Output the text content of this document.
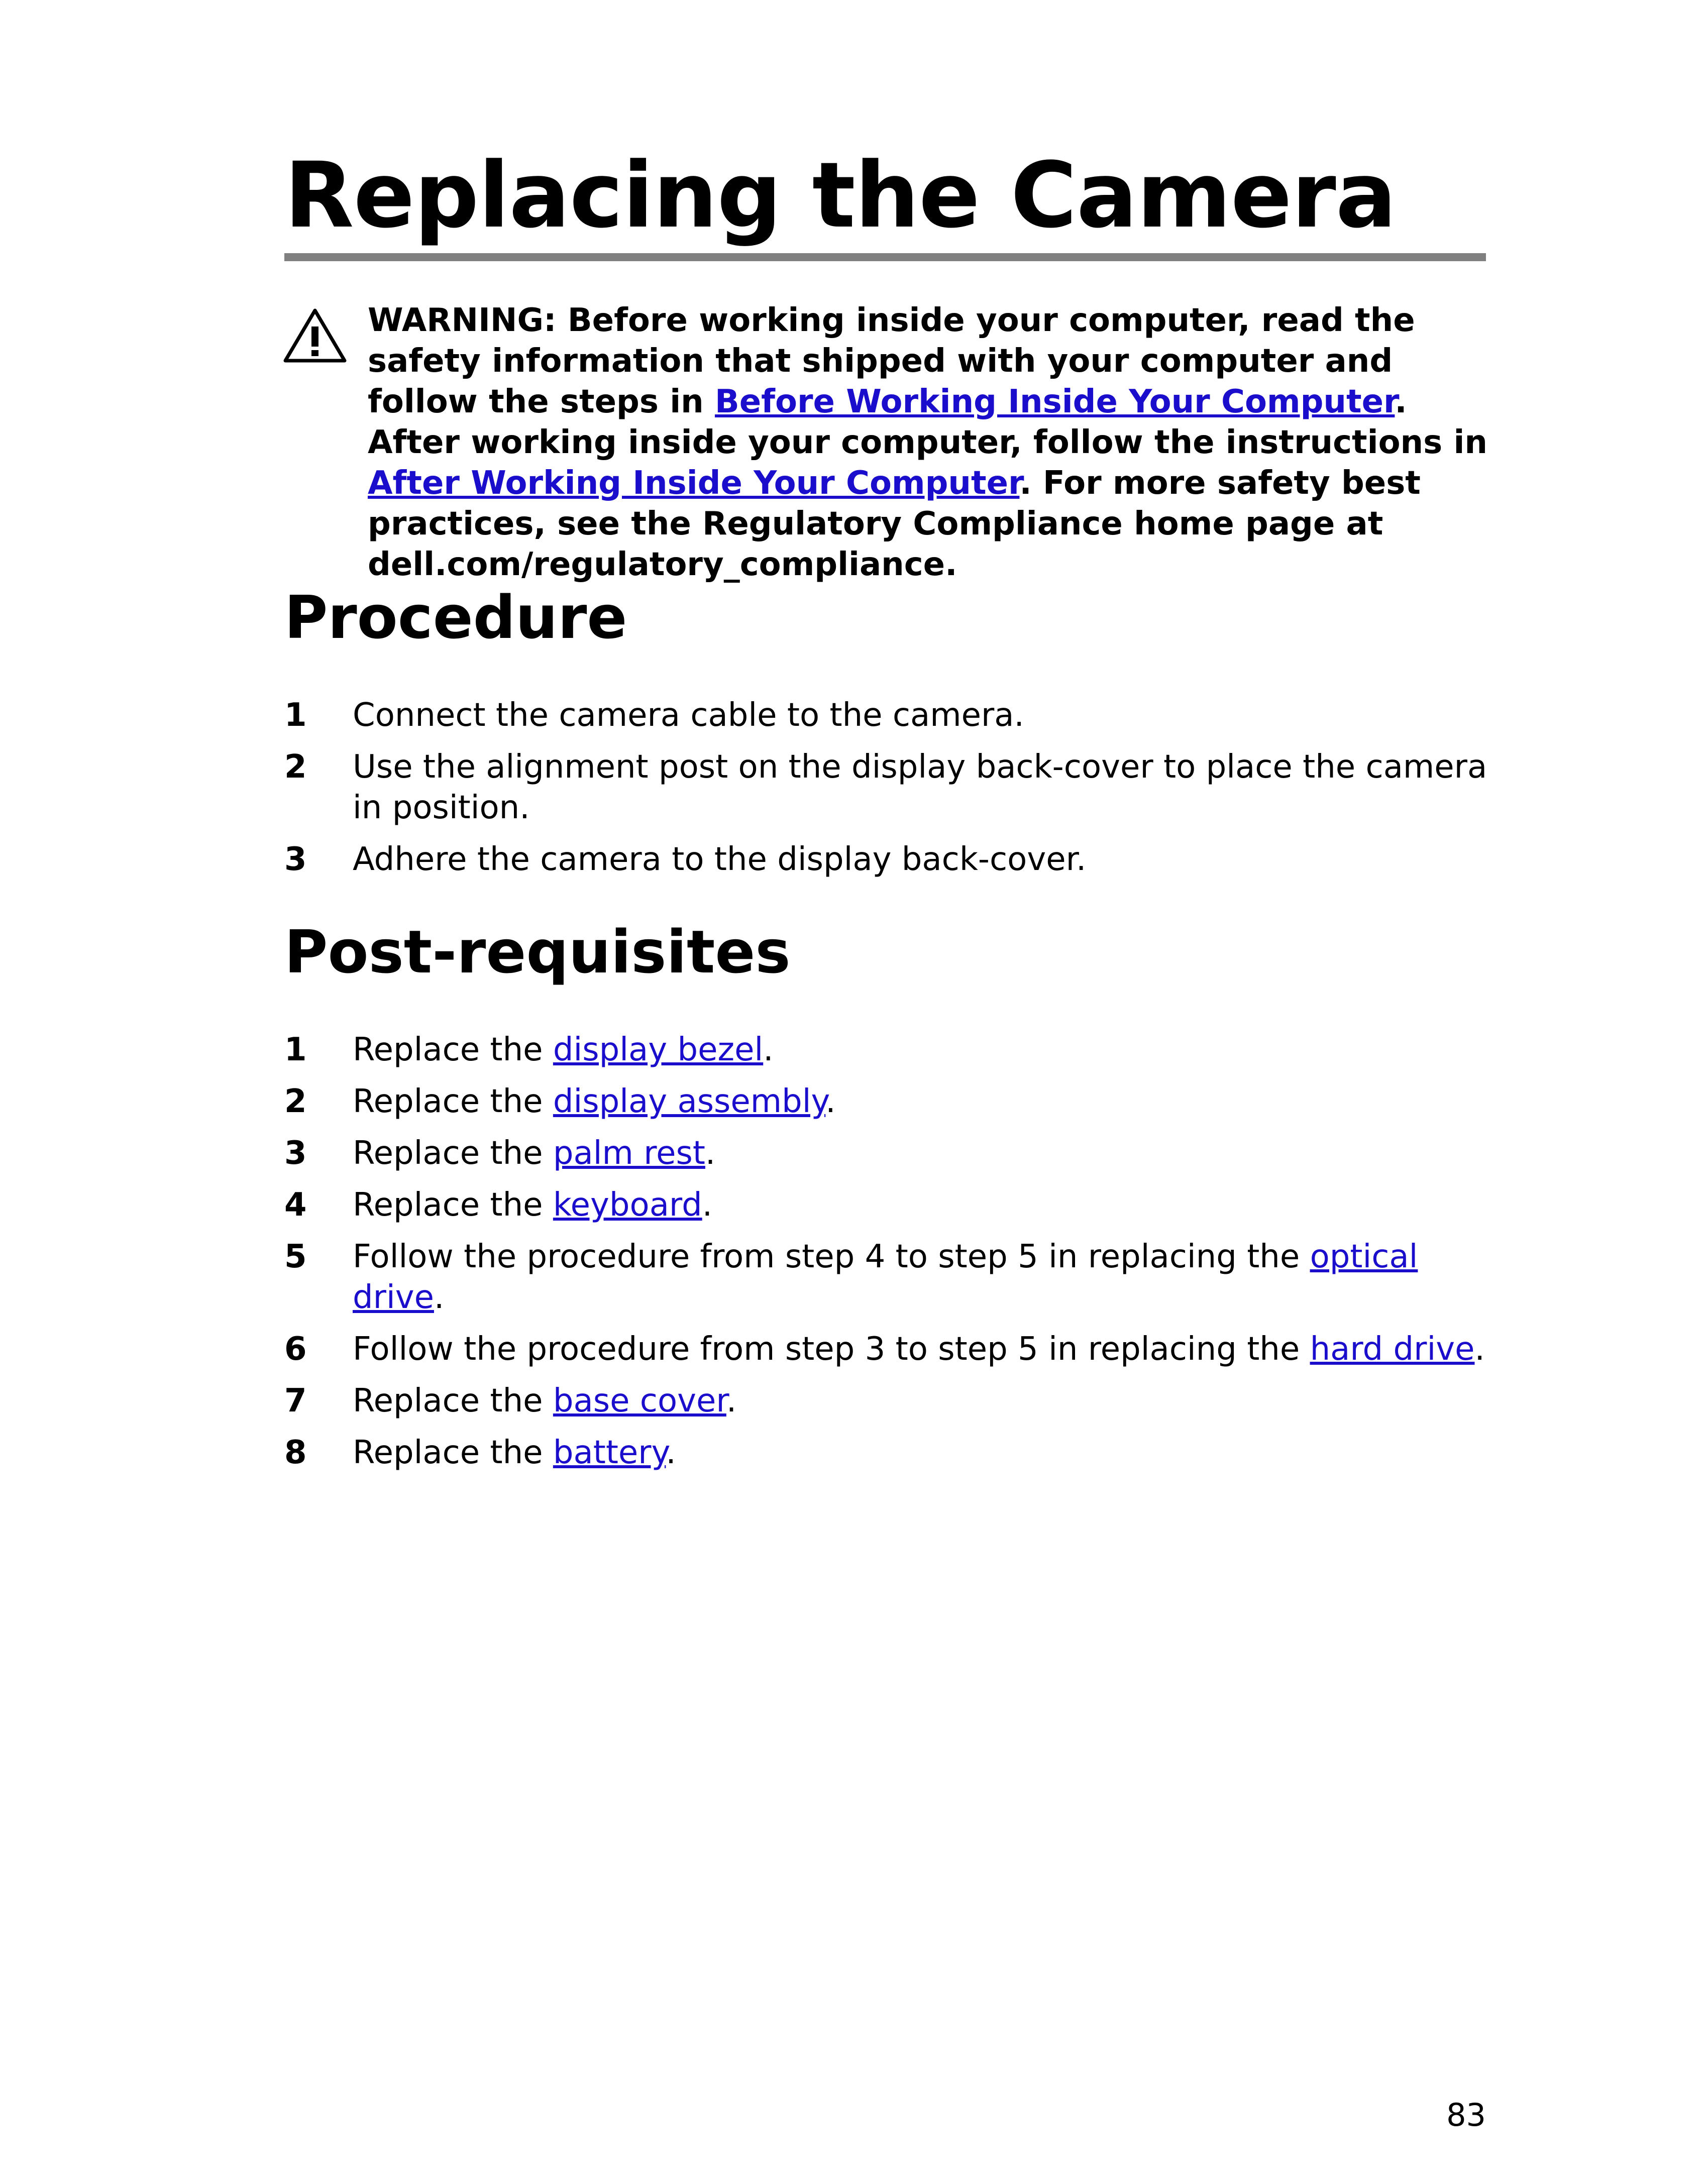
Replacing the Camera

WARNING: Before working inside your computer, read the safety information that shipped with your computer and follow the steps in Before Working Inside Your Computer. After working inside your computer, follow the instructions in After Working Inside Your Computer. For more safety best practices, see the Regulatory Compliance home page at dell.com/regulatory_compliance.

Procedure
1 Connect the camera cable to the camera.
2 Use the alignment post on the display back-cover to place the camera in position.
3 Adhere the camera to the display back-cover.
Post-requisites
1 Replace the display bezel.
2 Replace the display assembly.
3 Replace the palm rest.
4 Replace the keyboard.
5 Follow the procedure from step 4 to step 5 in replacing the optical drive.
6 Follow the procedure from step 3 to step 5 in replacing the hard drive.
7 Replace the base cover.
8 Replace the battery.
83
